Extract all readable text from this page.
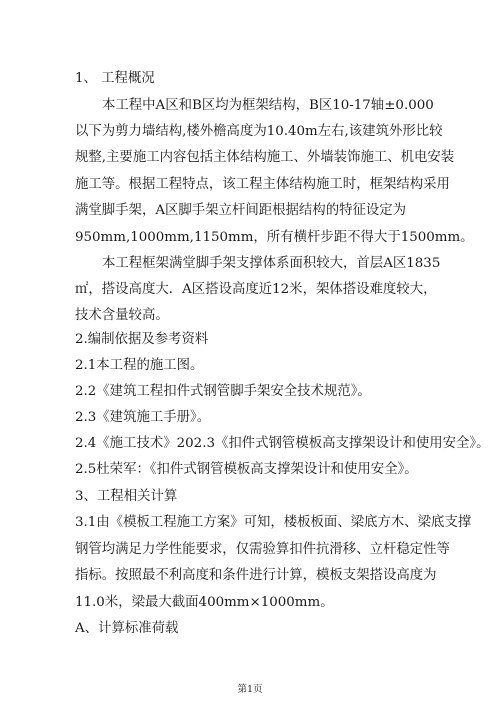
1、 工程概况
本工程中A区和B区均为框架结构，B区10-17轴±0.000
以下为剪力墙结构,楼外檐高度为10.40m左右,该建筑外形比较
规整,主要施工内容包括主体结构施工、外墙装饰施工、机电安装
施工等。根据工程特点，该工程主体结构施工时，框架结构采用
满堂脚手架，A区脚手架立杆间距根据结构的特征设定为
950mm,1000mm,1150mm，所有横杆步距不得大于1500mm。
本工程框架满堂脚手架支撑体系面积较大，首层A区1835
㎡，搭设高度大．A区搭设高度近12米，架体搭设难度较大，
技术含量较高。
2.编制依据及参考资料
2.1本工程的施工图。
2.2《建筑工程扣件式钢管脚手架安全技术规范》。
2.3《建筑施工手册》。
2.4《施工技术》202.3《扣件式钢管模板高支撑架设计和使用安全》。
2.5杜荣军：《扣件式钢管模板高支撑架设计和使用安全》。
3、工程相关计算
3.1由《模板工程施工方案》可知，楼板板面、梁底方木、梁底支撑
钢管均满足力学性能要求，仅需验算扣件抗滑移、立杆稳定性等
指标。按照最不利高度和条件进行计算，模板支架搭设高度为
11.0米，梁最大截面400mm×1000mm。
A、计算标准荷载
第1页
